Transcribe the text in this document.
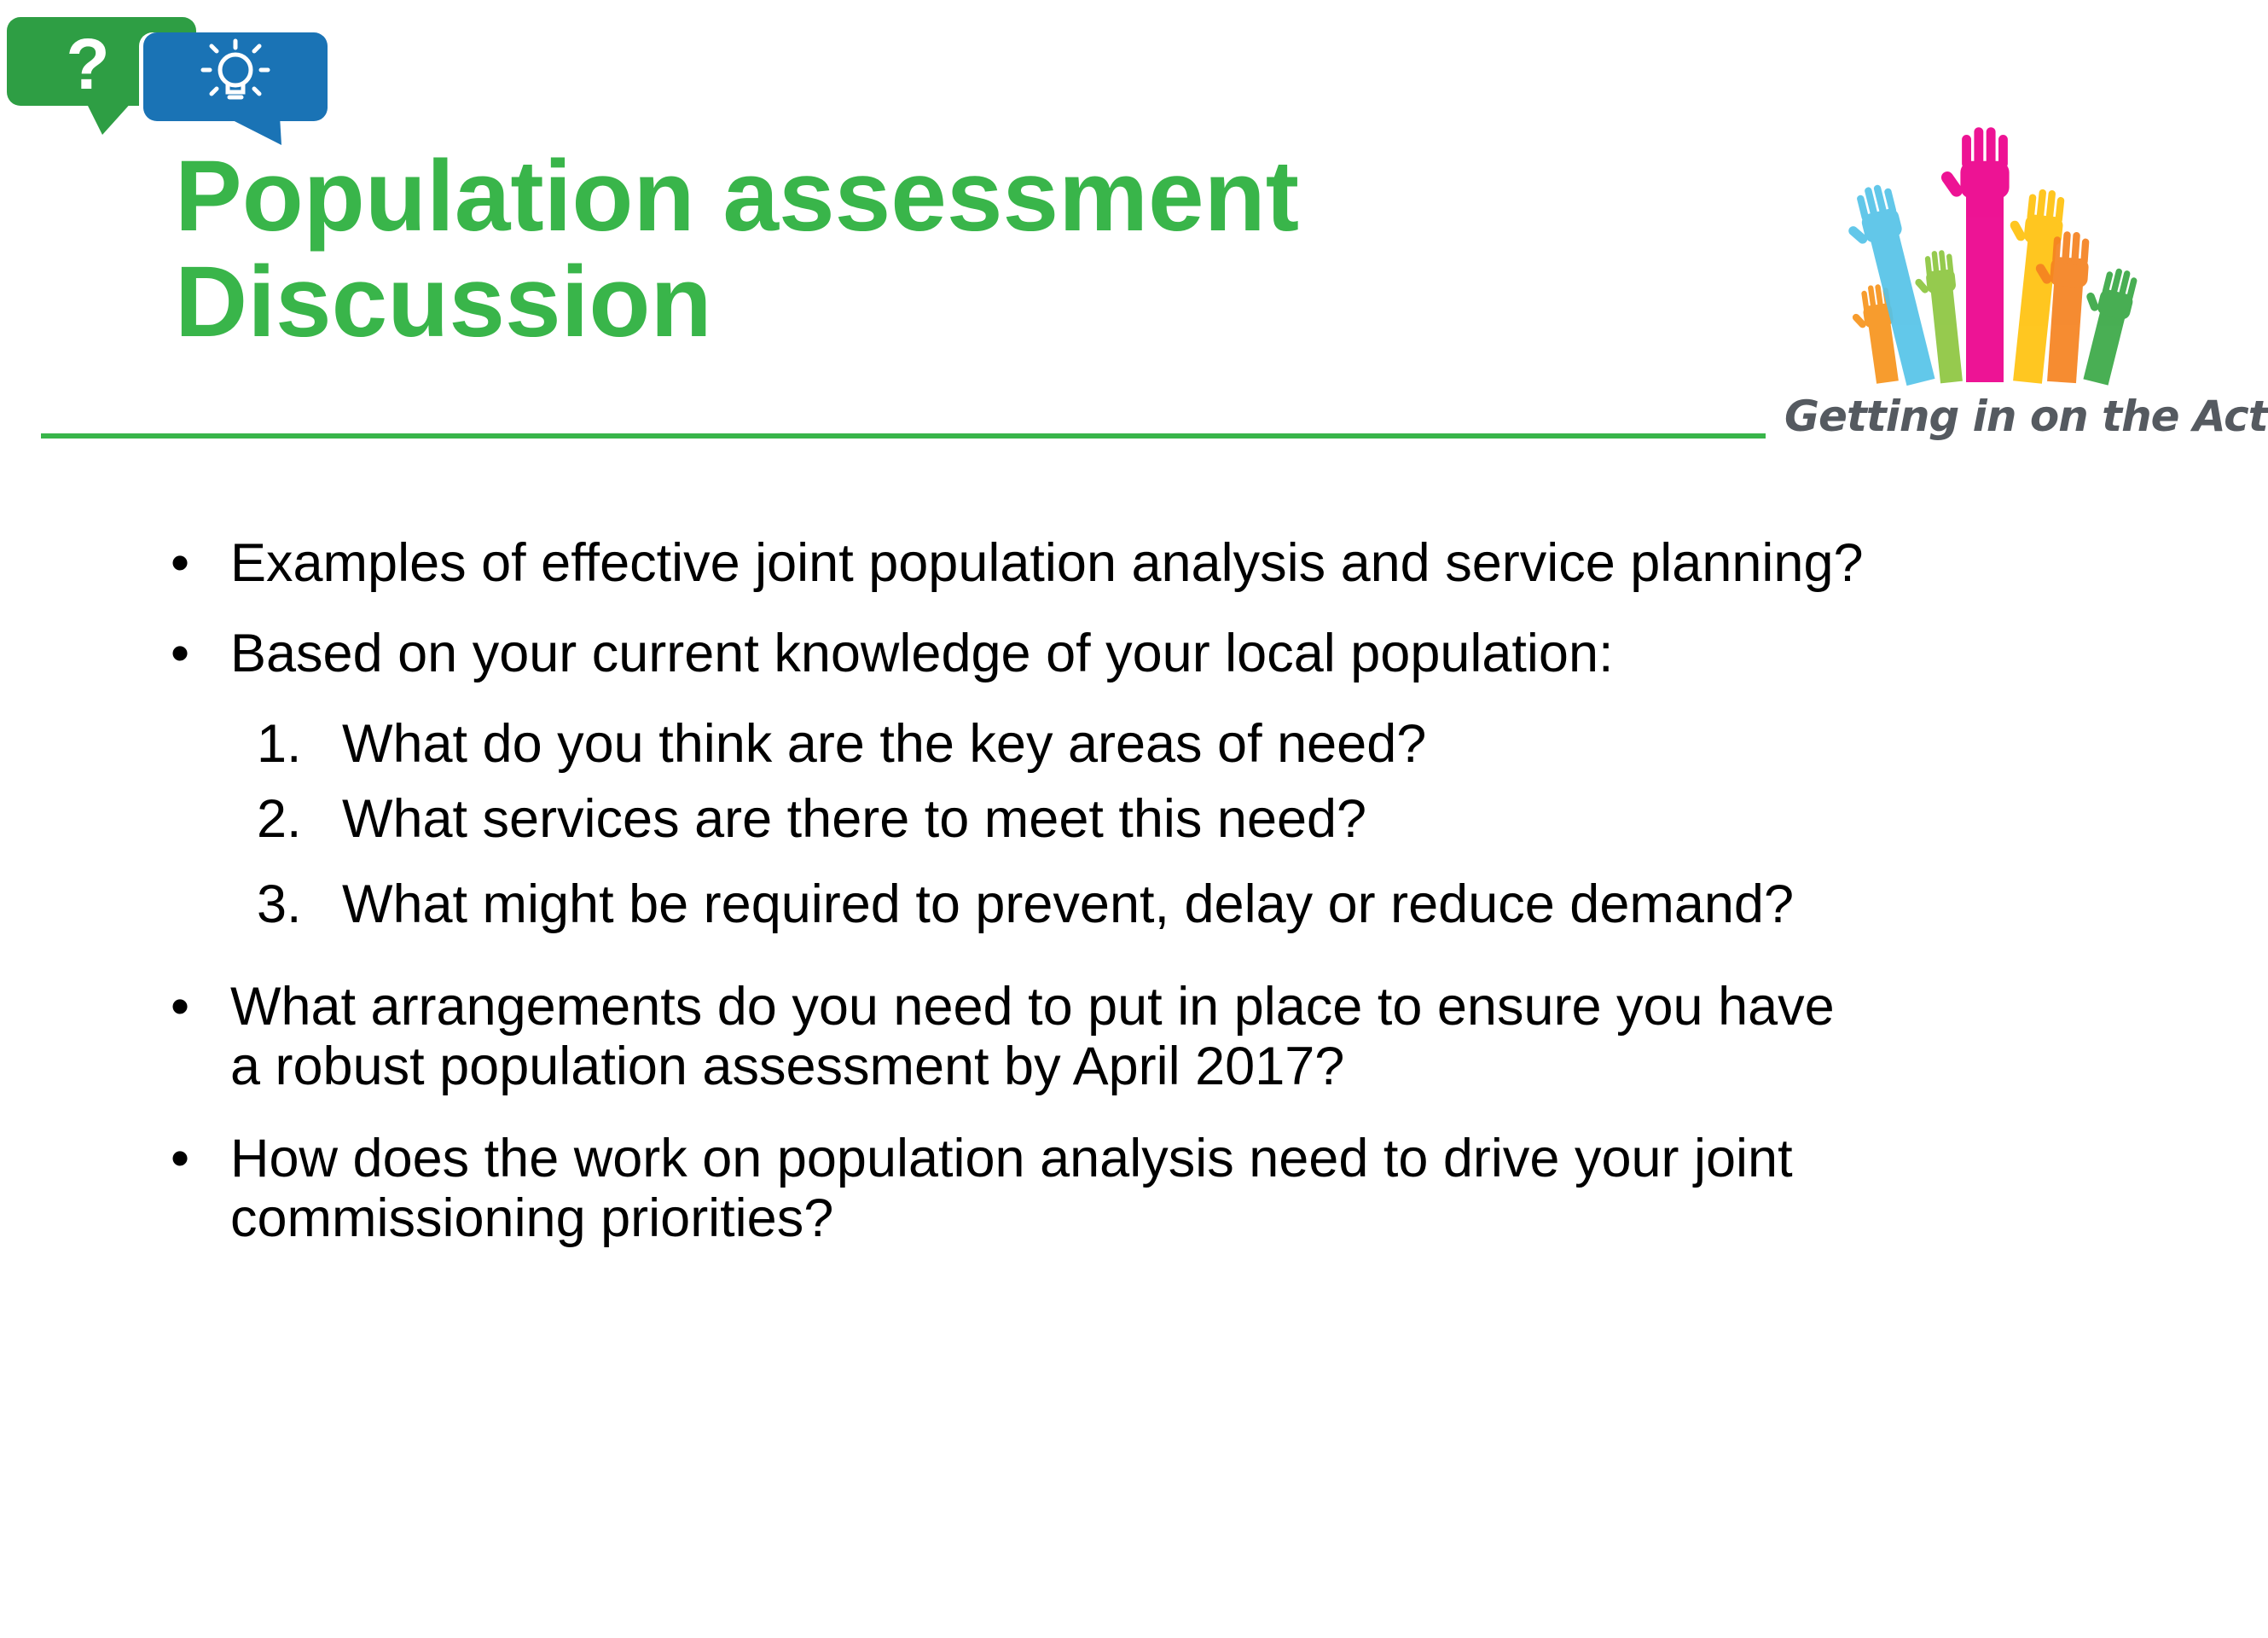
?
Population assessment
Discussion
Getting in on the Act
• Examples of effective joint population analysis and service planning?
• Based on your current knowledge of your local population:
1. What do you think are the key areas of need?
2. What services are there to meet this need?
3. What might be required to prevent, delay or reduce demand?
• What arrangements do you need to put in place to ensure you have
a robust population assessment by April 2017?
• How does the work on population analysis need to drive your joint
commissioning priorities?
